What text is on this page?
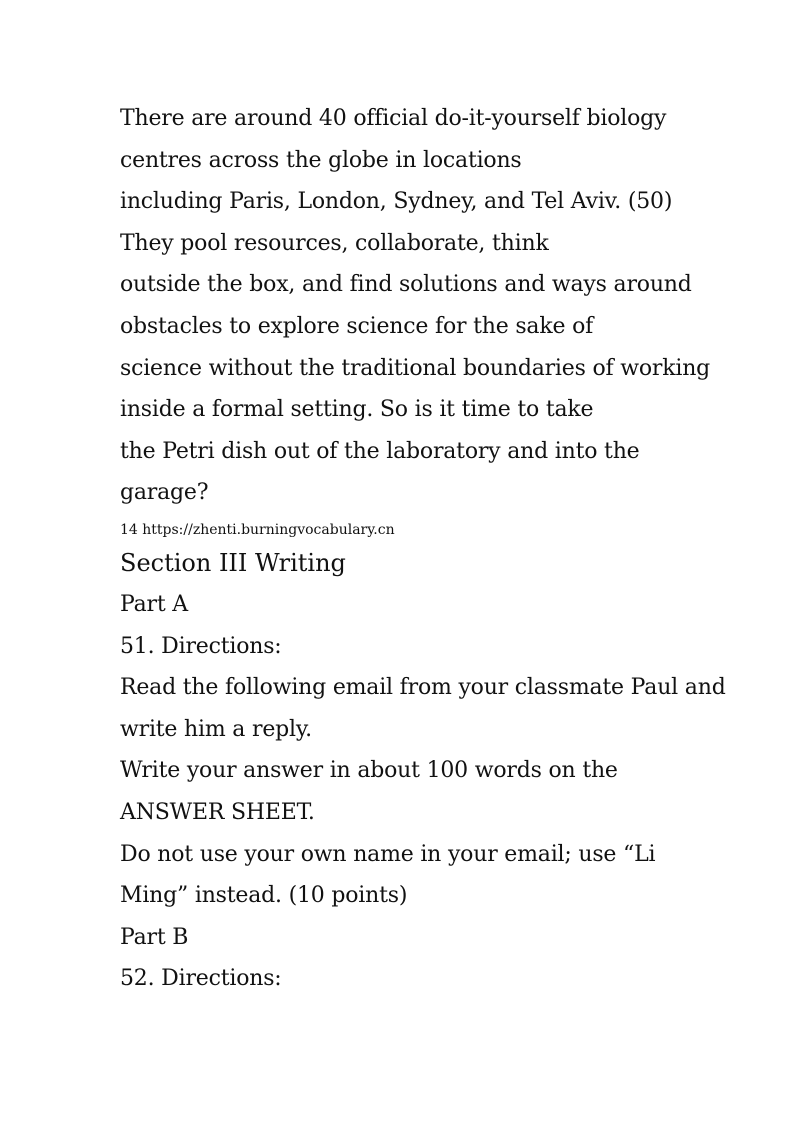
There are around 40 official do-it-yourself biology
centres across the globe in locations
including Paris, London, Sydney, and Tel Aviv. (50)
They pool resources, collaborate, think
outside the box, and find solutions and ways around
obstacles to explore science for the sake of
science without the traditional boundaries of working
inside a formal setting. So is it time to take
the Petri dish out of the laboratory and into the
garage?
14 https://zhenti.burningvocabulary.cn
Section III Writing
Part A
51. Directions:
Read the following email from your classmate Paul and
write him a reply.
Write your answer in about 100 words on the
ANSWER SHEET.
Do not use your own name in your email; use “Li
Ming” instead. (10 points)
Part B
52. Directions:
